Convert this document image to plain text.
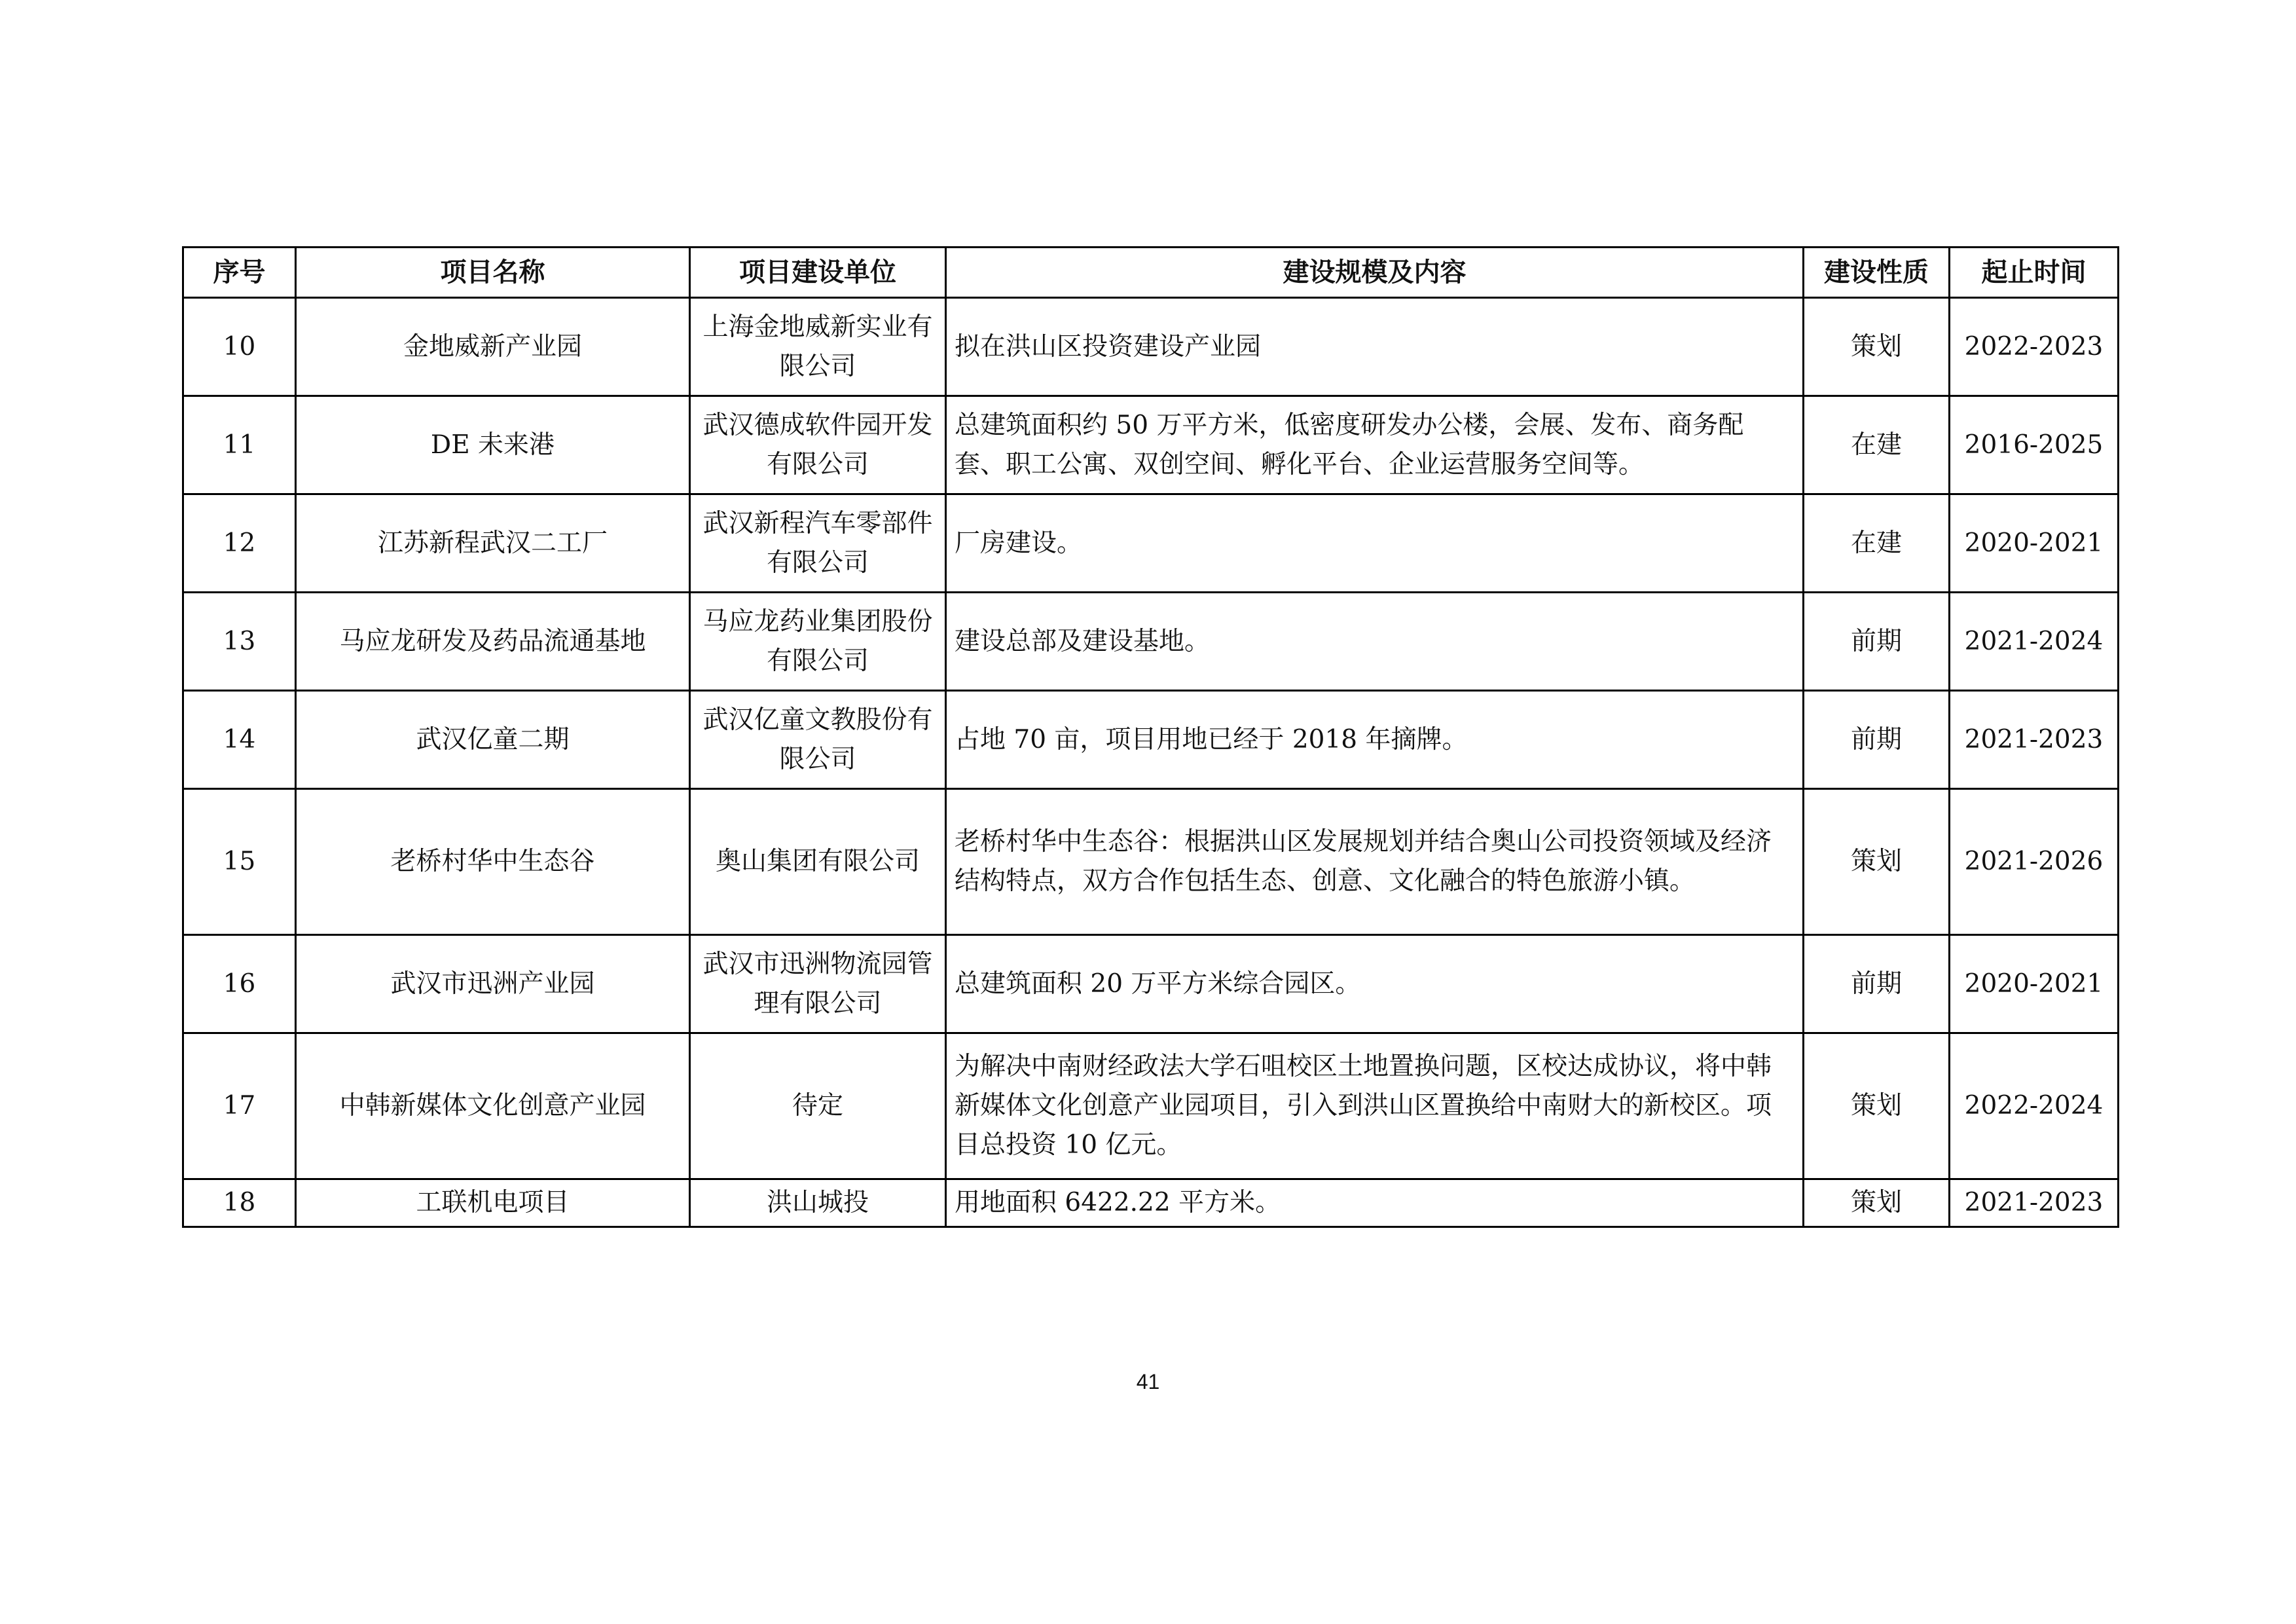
序号	项目名称	项目建设单位	建设规模及内容	建设性质	起止时间
10	金地威新产业园	上海金地威新实业有限公司	拟在洪山区投资建设产业园	策划	2022-2023
11	DE 未来港	武汉德成软件园开发有限公司	总建筑面积约 50 万平方米，低密度研发办公楼，会展、发布、商务配套、职工公寓、双创空间、孵化平台、企业运营服务空间等。	在建	2016-2025
12	江苏新程武汉二工厂	武汉新程汽车零部件有限公司	厂房建设。	在建	2020-2021
13	马应龙研发及药品流通基地	马应龙药业集团股份有限公司	建设总部及建设基地。	前期	2021-2024
14	武汉亿童二期	武汉亿童文教股份有限公司	占地 70 亩，项目用地已经于 2018 年摘牌。	前期	2021-2023
15	老桥村华中生态谷	奥山集团有限公司	老桥村华中生态谷：根据洪山区发展规划并结合奥山公司投资领域及经济结构特点，双方合作包括生态、创意、文化融合的特色旅游小镇。	策划	2021-2026
16	武汉市迅洲产业园	武汉市迅洲物流园管理有限公司	总建筑面积 20 万平方米综合园区。	前期	2020-2021
17	中韩新媒体文化创意产业园	待定	为解决中南财经政法大学石咀校区土地置换问题，区校达成协议，将中韩新媒体文化创意产业园项目，引入到洪山区置换给中南财大的新校区。项目总投资 10 亿元。	策划	2022-2024
18	工联机电项目	洪山城投	用地面积 6422.22 平方米。	策划	2021-2023
41
